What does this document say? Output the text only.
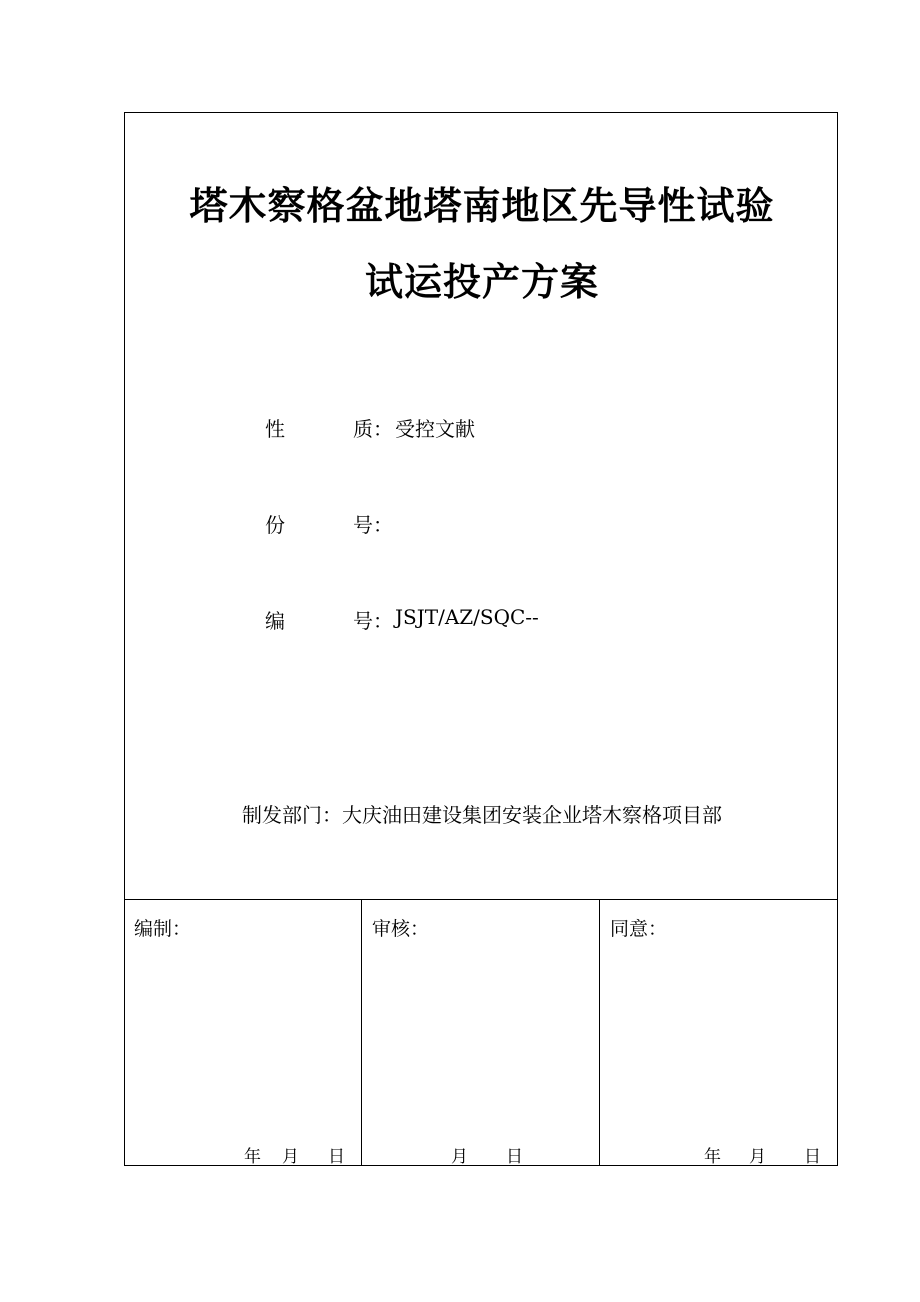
塔木察格盆地塔南地区先导性试验
试运投产方案
性	质： 受控文献
份	号：
编	号： JSJT/AZ/SQC--
制发部门：大庆油田建设集团安装企业塔木察格项目部
编制：
年 月 日
审核：
月 日
同意：
年 月 日
